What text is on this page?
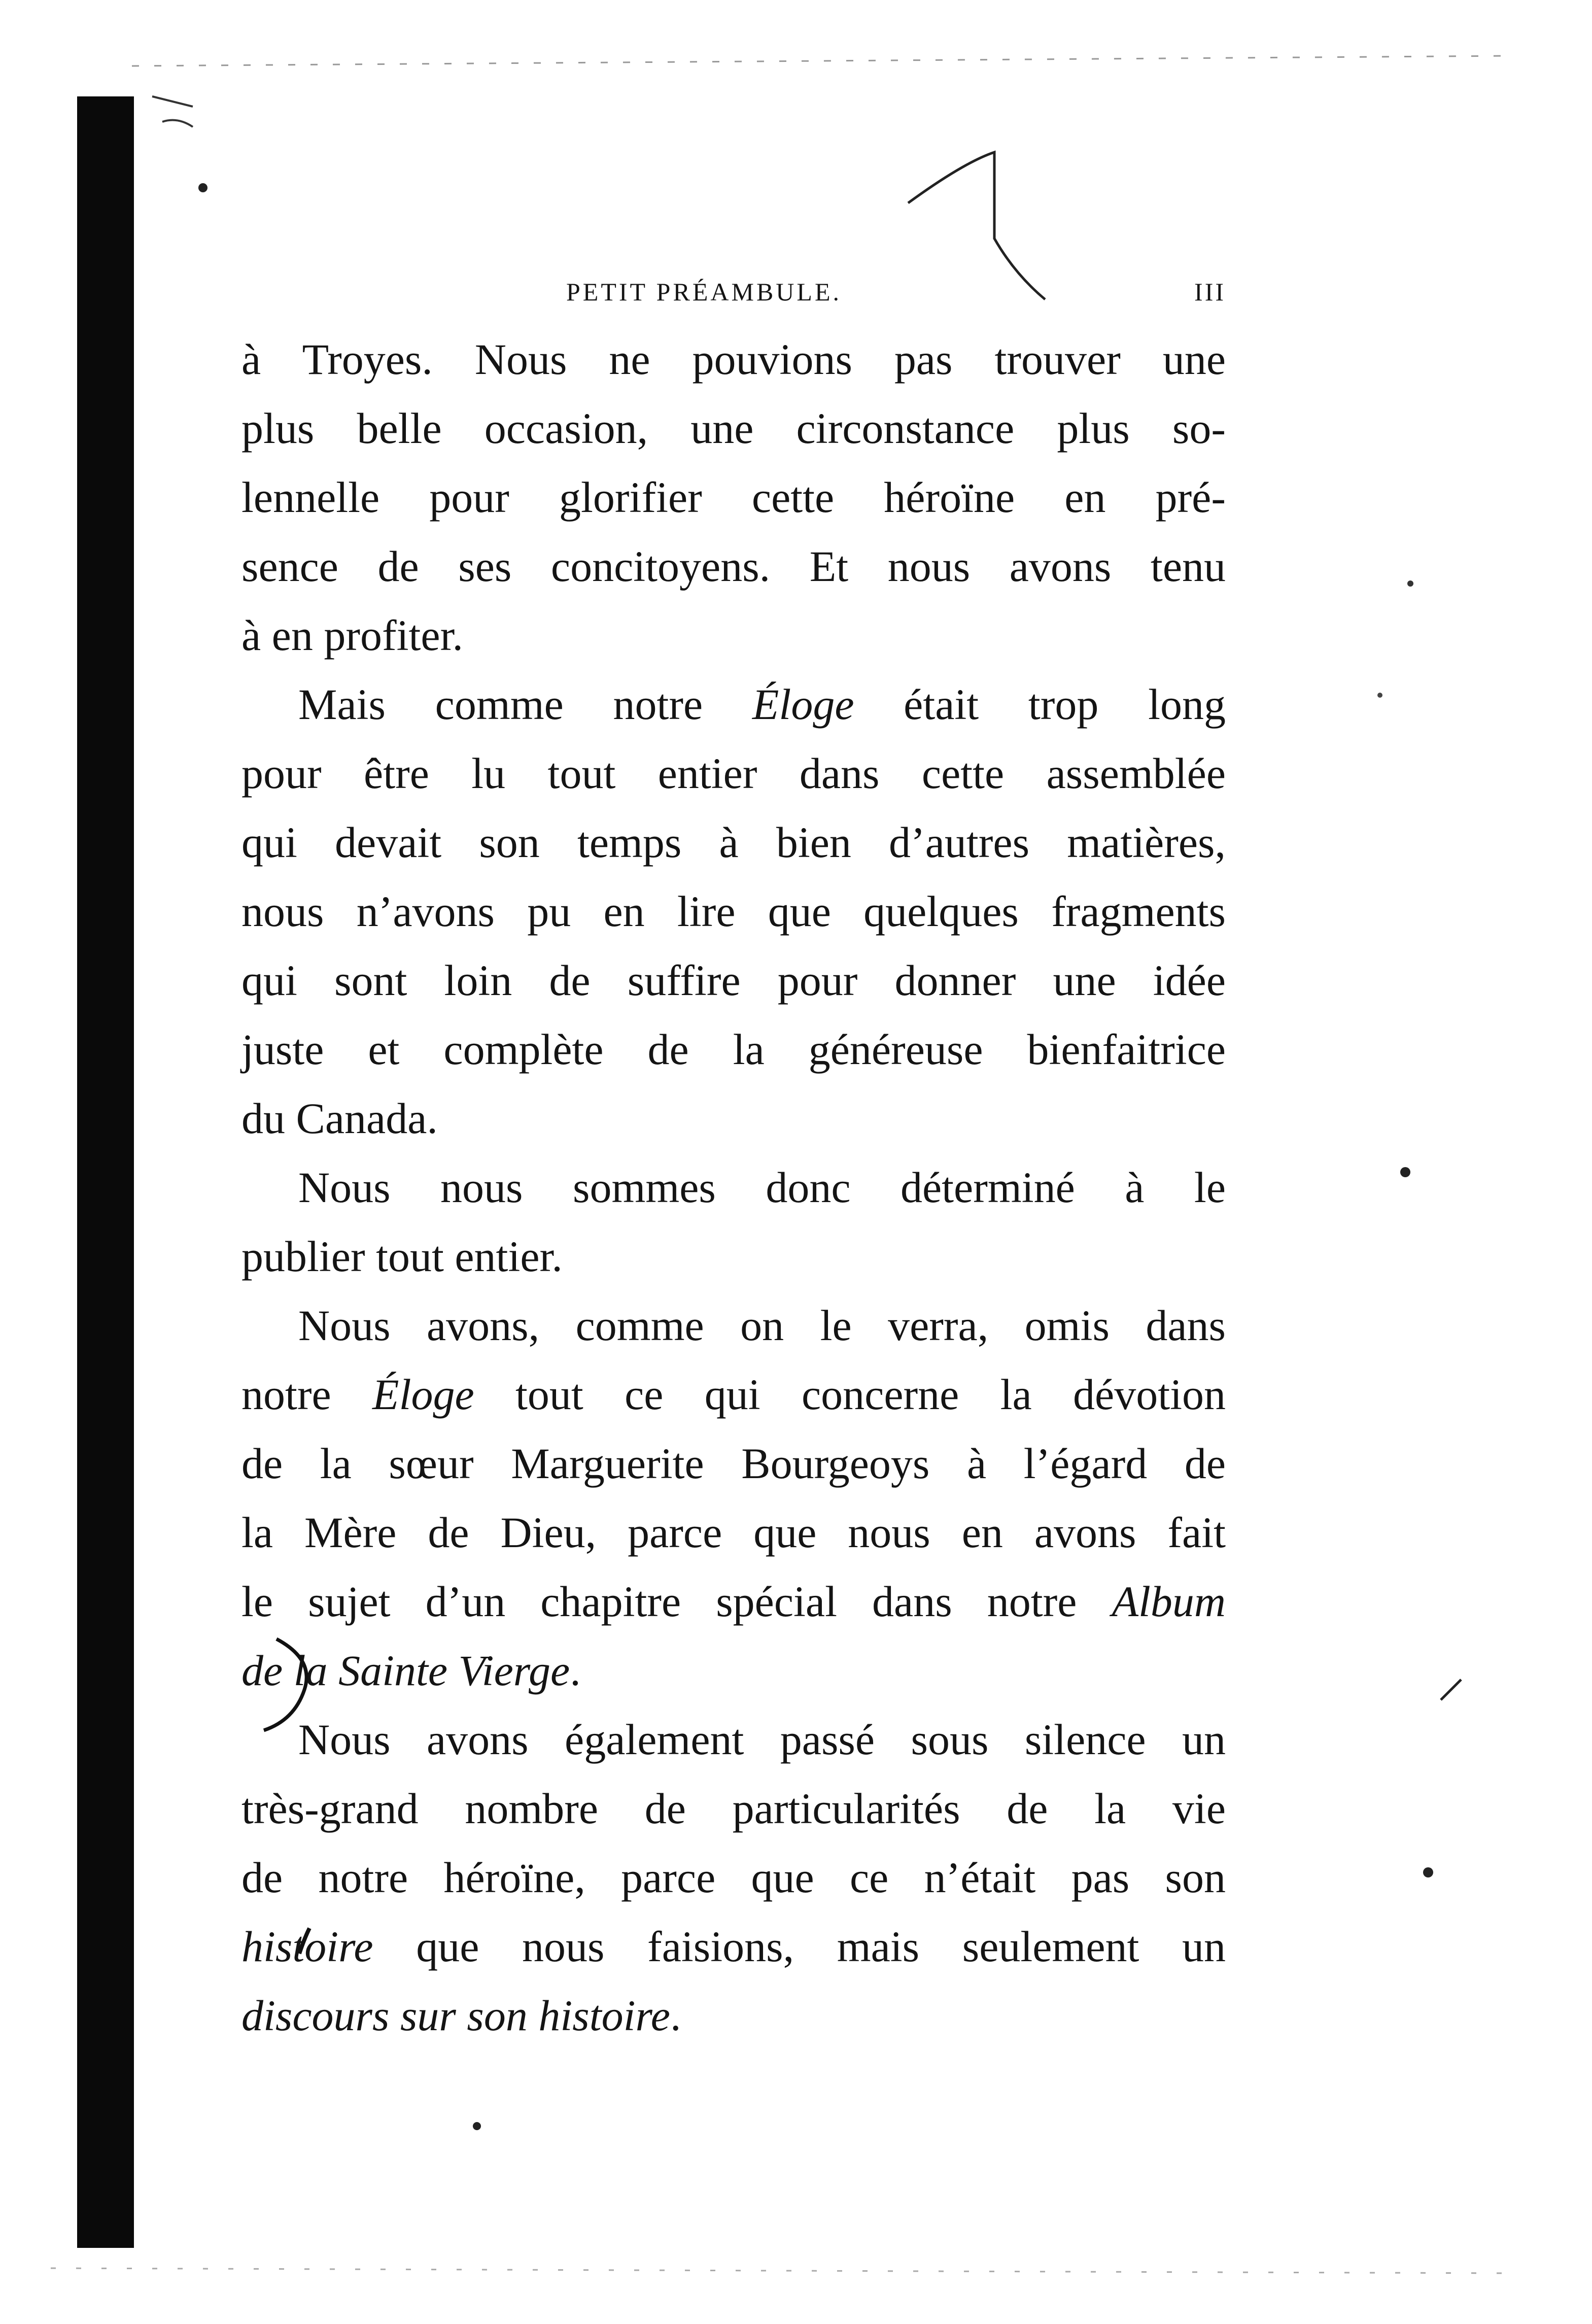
PETIT PRÉAMBULE.	III
à Troyes. Nous ne pouvions pas trouver une
plus belle occasion, une circonstance plus so-
lennelle pour glorifier cette héroïne en pré-
sence de ses concitoyens. Et nous avons tenu
à en profiter.
Mais comme notre Éloge était trop long
pour être lu tout entier dans cette assemblée
qui devait son temps à bien d’autres matières,
nous n’avons pu en lire que quelques fragments
qui sont loin de suffire pour donner une idée
juste et complète de la généreuse bienfaitrice
du Canada.
Nous nous sommes donc déterminé à le
publier tout entier.
Nous avons, comme on le verra, omis dans
notre Éloge tout ce qui concerne la dévotion
de la sœur Marguerite Bourgeoys à l’égard de
la Mère de Dieu, parce que nous en avons fait
le sujet d’un chapitre spécial dans notre Album
de la Sainte Vierge.
Nous avons également passé sous silence un
très-grand nombre de particularités de la vie
de notre héroïne, parce que ce n’était pas son
histoire que nous faisions, mais seulement un
discours sur son histoire.
